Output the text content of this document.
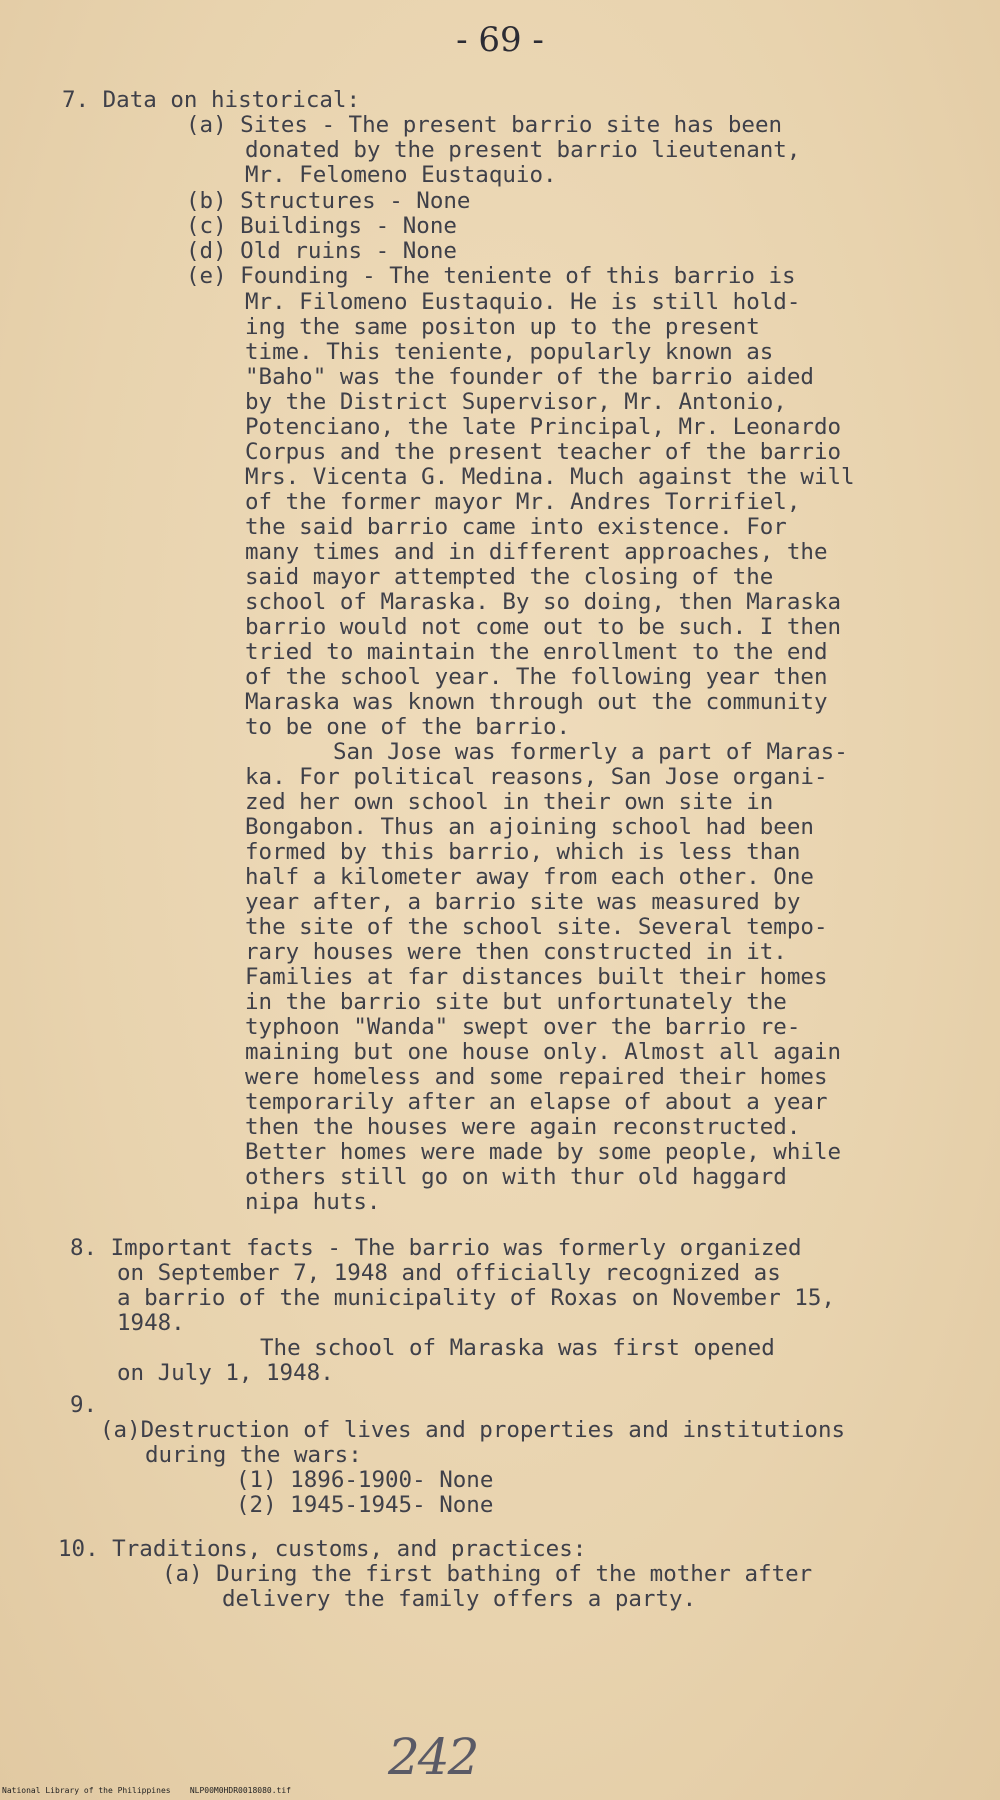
- 69 -
7. Data on historical:
(a) Sites - The present barrio site has been
donated by the present barrio lieutenant,
Mr. Felomeno Eustaquio.
(b) Structures - None
(c) Buildings - None
(d) Old ruins - None
(e) Founding - The teniente of this barrio is
Mr. Filomeno Eustaquio. He is still hold-
ing the same positon up to the present
time. This teniente, popularly known as
"Baho" was the founder of the barrio aided
by the District Supervisor, Mr. Antonio,
Potenciano, the late Principal, Mr. Leonardo
Corpus and the present teacher of the barrio
Mrs. Vicenta G. Medina. Much against the will
of the former mayor Mr. Andres Torrifiel,
the said barrio came into existence. For
many times and in different approaches, the
said mayor attempted the closing of the
school of Maraska. By so doing, then Maraska
barrio would not come out to be such. I then
tried to maintain the enrollment to the end
of the school year. The following year then
Maraska was known through out the community
to be one of the barrio.
San Jose was formerly a part of Maras-
ka. For political reasons, San Jose organi-
zed her own school in their own site in
Bongabon. Thus an ajoining school had been
formed by this barrio, which is less than
half a kilometer away from each other. One
year after, a barrio site was measured by
the site of the school site. Several tempo-
rary houses were then constructed in it.
Families at far distances built their homes
in the barrio site but unfortunately the
typhoon "Wanda" swept over the barrio re-
maining but one house only. Almost all again
were homeless and some repaired their homes
temporarily after an elapse of about a year
then the houses were again reconstructed.
Better homes were made by some people, while
others still go on with thur old haggard
nipa huts.
8. Important facts - The barrio was formerly organized
on September 7, 1948 and officially recognized as
a barrio of the municipality of Roxas on November 15,
1948.
The school of Maraska was first opened
on July 1, 1948.
9.
(a)Destruction of lives and properties and institutions
during the wars:
(1) 1896-1900- None
(2) 1945-1945- None
10. Traditions, customs, and practices:
(a) During the first bathing of the mother after
delivery the family offers a party.
242
National Library of the Philippines    NLP00M0HDR0018080.tif
